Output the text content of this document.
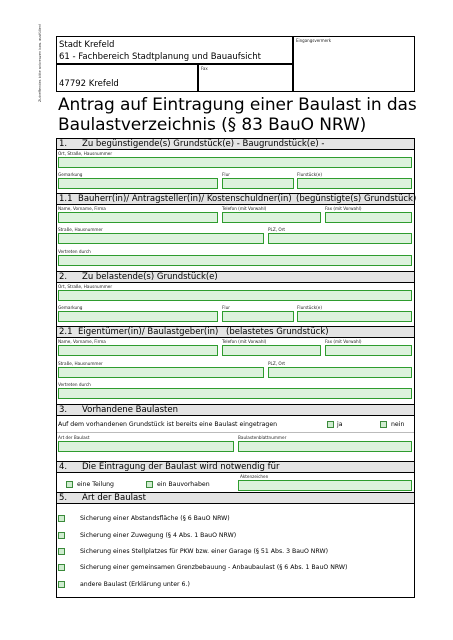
Zutreffendes bitte ankreuzen bzw. ausfüllen! Stadt Krefeld
61 - Fachbereich Stadtplanung und Bauaufsicht
Eingangsvermerk
Fax
47792 Krefeld
Antrag auf Eintragung einer Baulast in das
Baulastverzeichnis (§ 83 BauO NRW)
1. Zu begünstigende(s) Grundstück(e) - Baugrundstück(e) -
Ort, Straße, Hausnummer
Gemarkung	Flur	Flurstück(e)
1.1 Bauherr(in)/ Antragsteller(in)/ Kostenschuldner(in) (begünstigte(s) Grundstück)
Name, Vorname, Firma	Telefon (mit Vorwahl)	Fax (mit Vorwahl)
Straße, Hausnummer	PLZ, Ort
Vertreten durch
2. Zu belastende(s) Grundstück(e)
Ort, Straße, Hausnummer
Gemarkung	Flur	Flurstück(e)
2.1 Eigentümer(in)/ Baulastgeber(in) (belastetes Grundstück)
Name, Vorname, Firma	Telefon (mit Vorwahl)	Fax (mit Vorwahl)
Straße, Hausnummer	PLZ, Ort
Vertreten durch
3. Vorhandene Baulasten
Auf dem vorhandenen Grundstück ist bereits eine Baulast eingetragen	ja	nein
Art der Baulast	Baulastenblattnummer
4. Die Eintragung der Baulast wird notwendig für
eine Teilung	ein Bauvorhaben
Aktenzeichen
5. Art der Baulast
Sicherung einer Abstandsfläche (§ 6 BauO NRW)
Sicherung einer Zuwegung (§ 4 Abs. 1 BauO NRW)
Sicherung eines Stellplatzes für PKW bzw. einer Garage (§ 51 Abs. 3 BauO NRW)
Sicherung einer gemeinsamen Grenzbebauung - Anbaubaulast (§ 6 Abs. 1 BauO NRW)
andere Baulast (Erklärung unter 6.)
